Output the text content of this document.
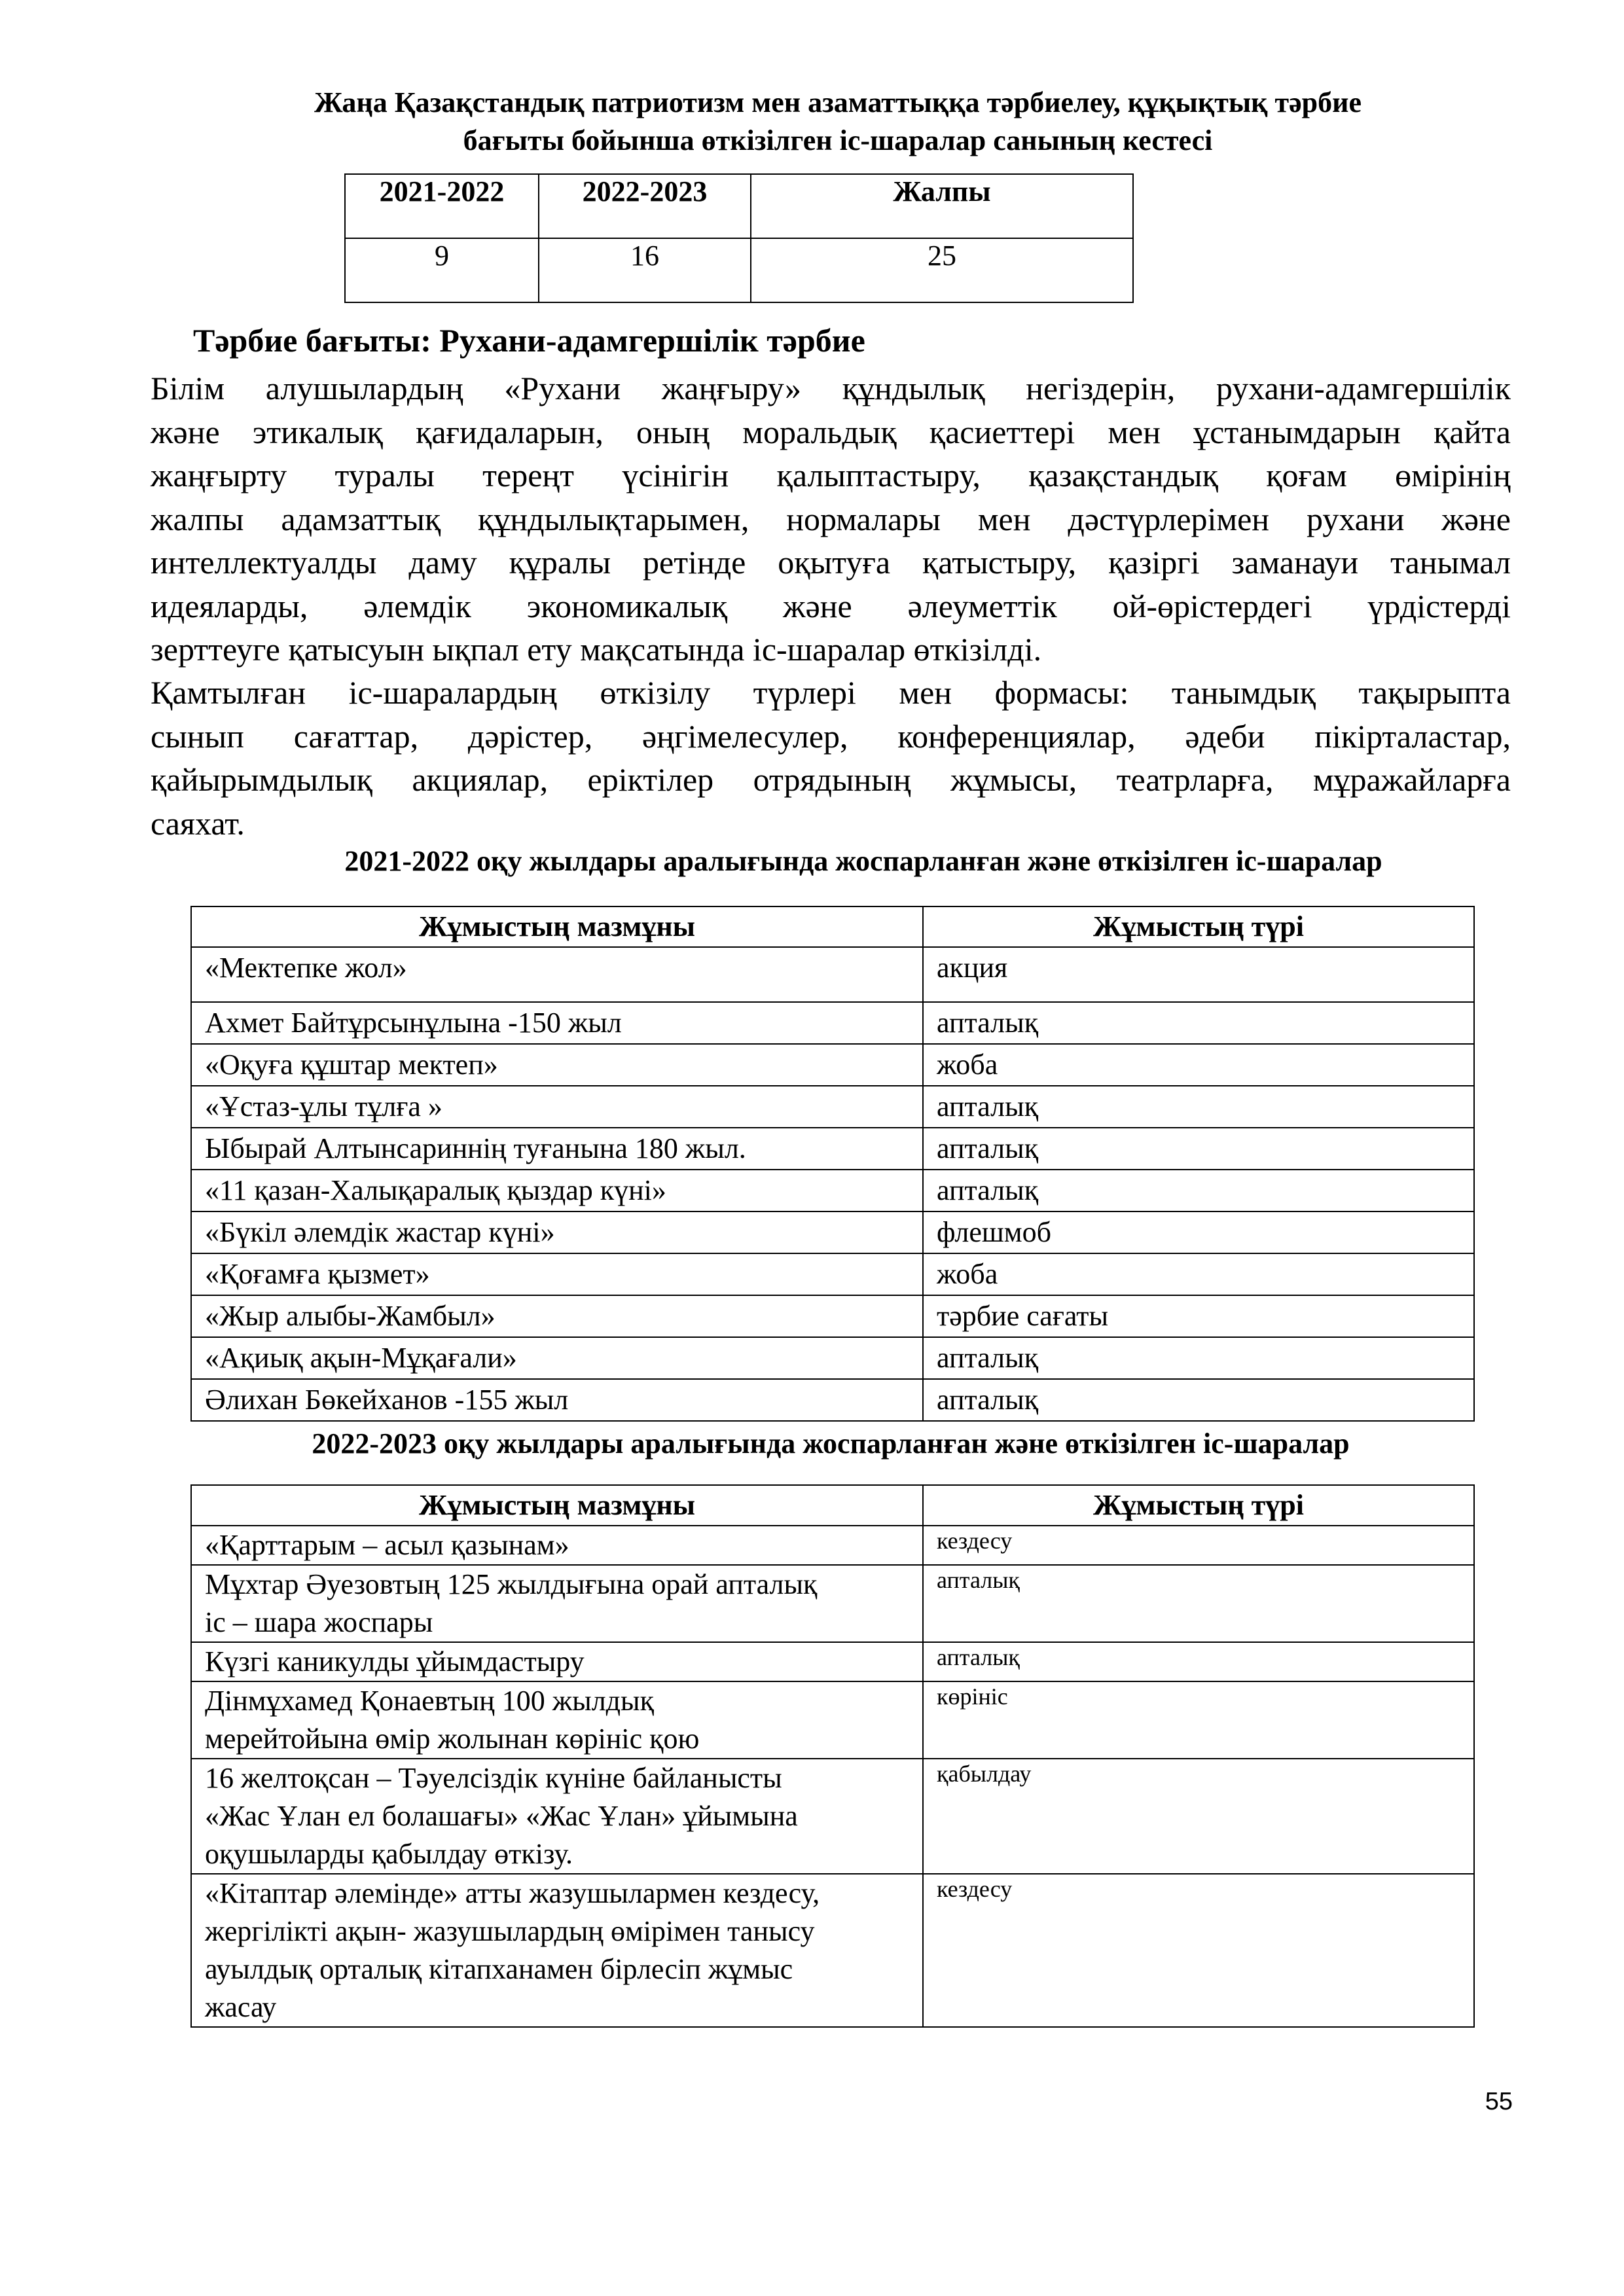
Жаңа Қазақстандық патриотизм мен азаматтыққа тәрбиелеу, құқықтық тәрбие
бағыты бойынша өткізілген іс-шаралар санының кестесі
2021-2022	2022-2023	Жалпы
9	16	25
Тәрбие бағыты: Рухани-адамгершілік тәрбие
Білім алушылардың «Рухани жаңғыру» құндылық негіздерін, рухани-адамгершілік
және этикалық қағидаларын, оның моральдық қасиеттері мен ұстанымдарын қайта
жаңғырту туралы тереңт үсінігін қалыптастыру, қазақстандық қоғам өмірінің
жалпы адамзаттық құндылықтарымен, нормалары мен дәстүрлерімен рухани және
интеллектуалды даму құралы ретінде оқытуға қатыстыру, қазіргі заманауи танымал
идеяларды, әлемдік экономикалық және әлеуметтік ой-өрістердегі үрдістерді
зерттеуге қатысуын ықпал ету мақсатында іс-шаралар өткізілді.
Қамтылған іс-шаралардың өткізілу түрлері мен формасы: танымдық тақырыпта
сынып сағаттар, дәрістер, әңгімелесулер, конференциялар, әдеби пікірталастар,
қайырымдылық акциялар, еріктілер отрядының жұмысы, театрларға, мұражайларға
саяхат.
2021-2022 оқу жылдары аралығында жоспарланған және өткізілген іс-шаралар
Жұмыстың мазмұны	Жұмыстың түрі
«Мектепке жол»	акция
Ахмет Байтұрсынұлына -150 жыл	апталық
«Оқуға құштар мектеп»	жоба
«Ұстаз-ұлы тұлға »	апталық
Ыбырай Алтынсариннің туғанына 180 жыл.	апталық
«11 қазан-Халықаралық қыздар күні»	апталық
«Бүкіл әлемдік жастар күні»	флешмоб
«Қоғамға қызмет»	жоба
«Жыр алыбы-Жамбыл»	тәрбие сағаты
«Ақиық ақын-Мұқағали»	апталық
Әлихан Бөкейханов -155 жыл	апталық
2022-2023 оқу жылдары аралығында жоспарланған және өткізілген іс-шаралар
Жұмыстың мазмұны	Жұмыстың түрі
«Қарттарым – асыл қазынам»	кездесу
Мұхтар Әуезовтың 125 жылдығына орай апталық
іс – шара жоспары	апталық
Күзгі каникулды ұйымдастыру	апталық
Дінмұхамед Қонаевтың 100 жылдық
мерейтойына өмір жолынан көрініс қою	көрініс
16 желтоқсан – Тәуелсіздік күніне байланысты
«Жас Ұлан ел болашағы» «Жас Ұлан» ұйымына
оқушыларды қабылдау өткізу.	қабылдау
«Кітаптар әлемінде» атты жазушылармен кездесу,
жергілікті ақын- жазушылардың өмірімен танысу
ауылдық орталық кітапханамен бірлесіп жұмыс
жасау	кездесу
55
